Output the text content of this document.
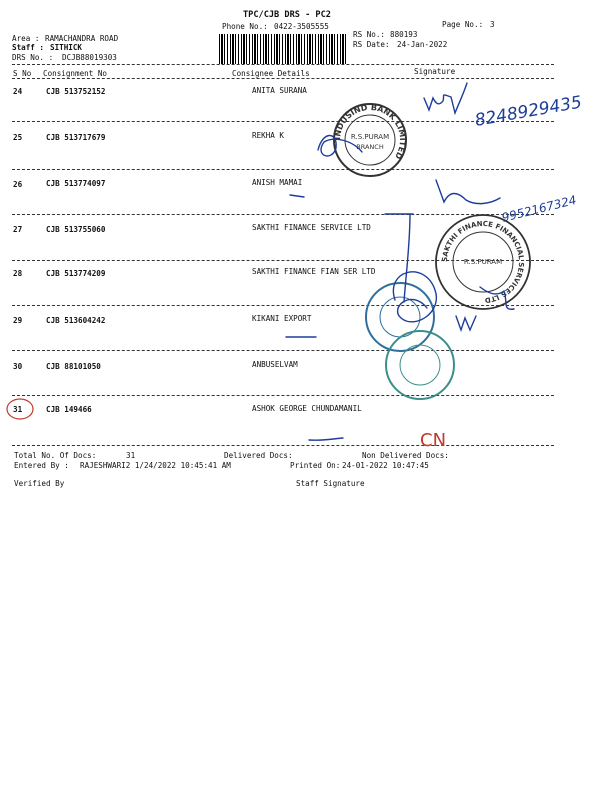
TPC/CJB DRS - PC2
Phone No.: 0422-3505555	Page No.: 3
RS No.: 880193
RS Date: 24-Jan-2022
Area : RAMACHANDRA ROAD
Staff : SITHICK
DRS No. : DCJB88019303
S No Consignment No	Consignee Details	Signature
24	CJB 513752152	ANITA SURANA
25	CJB 513717679	REKHA K
26	CJB 513774097	ANISH MAMAI
27	CJB 513755060	SAKTHI FINANCE SERVICE LTD
28	CJB 513774209	SAKTHI FINANCE FIAN SER LTD
29	CJB 513604242	KIKANI EXPORT
30	CJB 88101050	ANBUSELVAM
31	CJB 149466	ASHOK GEORGE CHUNDAMANIL
Total No. Of Docs:	31	Delivered Docs:	Non Delivered Docs:
Entered By : RAJESHWARI2 1/24/2022 10:45:41 AM	Printed On: 24-01-2022 10:47:45
Verified By	Staff Signature
INDUSIND BANK LIMITED
R.S.PURAM
BRANCH
SAKTHI FINANCE FINANCIAL SERVICES LTD
R.S.PURAM
8248929435
9952167324
CN
